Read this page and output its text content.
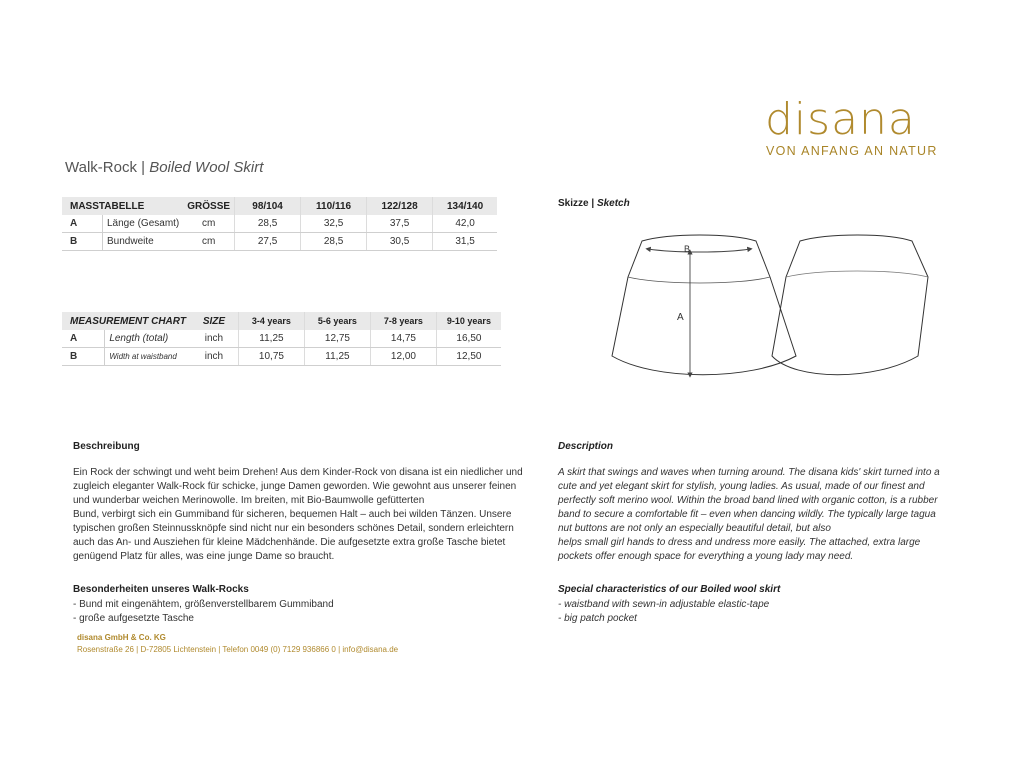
disana
VON ANFANG AN NATUR
Walk-Rock | Boiled Wool Skirt
MASSTABELLE		GRÖSSE	98/104	110/116	122/128	134/140
A	Länge (Gesamt)	cm	28,5	32,5	37,5	42,0
B	Bundweite	cm	27,5	28,5	30,5	31,5
MEASUREMENT CHART		SIZE	3-4 years	5-6 years	7-8 years	9-10 years
A	Length (total)	inch	11,25	12,75	14,75	16,50
B	Width at waistband	inch	10,75	11,25	12,00	12,50
Skizze | Sketch
B
A
Beschreibung
Ein Rock der schwingt und weht beim Drehen! Aus dem Kinder-Rock von disana ist ein niedlicher und
zugleich eleganter Walk-Rock für schicke, junge Damen geworden. Wie gewohnt aus unserer feinen
und wunderbar weichen Merinowolle. Im breiten, mit Bio-Baumwolle gefütterten
Bund, verbirgt sich ein Gummiband für sicheren, bequemen Halt – auch bei wilden Tänzen. Unsere
typischen großen Steinnussknöpfe sind nicht nur ein besonders schönes Detail, sondern erleichtern
auch das An- und Ausziehen für kleine Mädchenhände. Die aufgesetzte extra große Tasche bietet
genügend Platz für alles, was eine junge Dame so braucht.
Besonderheiten unseres Walk-Rocks
- Bund mit eingenähtem, größenverstellbarem Gummiband
- große aufgesetzte Tasche
Description
A skirt that swings and waves when turning around. The disana kids' skirt turned into a
cute and yet elegant skirt for stylish, young ladies. As usual, made of our finest and
perfectly soft merino wool. Within the broad band lined with organic cotton, is a rubber
band to secure a comfortable fit – even when dancing wildly. The typically large tagua
nut buttons are not only an especially beautiful detail, but also
helps small girl hands to dress and undress more easily. The attached, extra large
pockets offer enough space for everything a young lady may need.
Special characteristics of our Boiled wool skirt
- waistband with sewn-in adjustable elastic-tape
- big patch pocket
disana GmbH & Co. KG
Rosenstraße 26 | D-72805 Lichtenstein | Telefon 0049 (0) 7129 936866 0 | info@disana.de
